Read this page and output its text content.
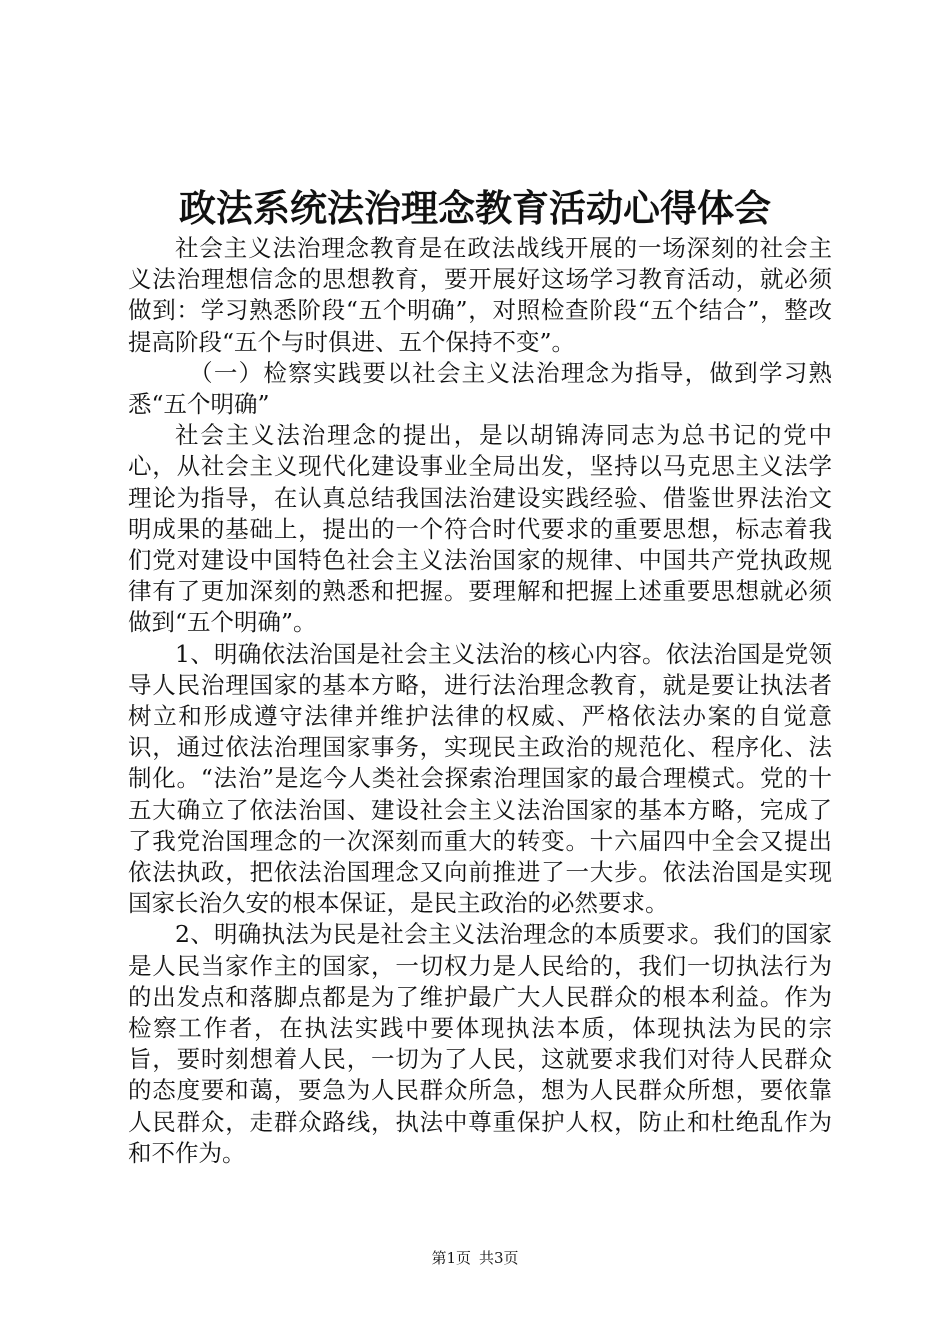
政法系统法治理念教育活动心得体会

社会主义法治理念教育是在政法战线开展的一场深刻的社会主义法治理想信念的思想教育，要开展好这场学习教育活动，就必须做到：学习熟悉阶段“五个明确”，对照检查阶段“五个结合”，整改提高阶段“五个与时俱进、五个保持不变”。

（一）检察实践要以社会主义法治理念为指导，做到学习熟悉“五个明确”

社会主义法治理念的提出，是以胡锦涛同志为总书记的党中心，从社会主义现代化建设事业全局出发，坚持以马克思主义法学理论为指导，在认真总结我国法治建设实践经验、借鉴世界法治文明成果的基础上，提出的一个符合时代要求的重要思想，标志着我们党对建设中国特色社会主义法治国家的规律、中国共产党执政规律有了更加深刻的熟悉和把握。要理解和把握上述重要思想就必须做到“五个明确”。

1、明确依法治国是社会主义法治的核心内容。依法治国是党领导人民治理国家的基本方略，进行法治理念教育，就是要让执法者树立和形成遵守法律并维护法律的权威、严格依法办案的自觉意识，通过依法治理国家事务，实现民主政治的规范化、程序化、法制化。“法治”是迄今人类社会探索治理国家的最合理模式。党的十五大确立了依法治国、建设社会主义法治国家的基本方略，完成了了我党治国理念的一次深刻而重大的转变。十六届四中全会又提出依法执政，把依法治国理念又向前推进了一大步。依法治国是实现国家长治久安的根本保证，是民主政治的必然要求。

2、明确执法为民是社会主义法治理念的本质要求。我们的国家是人民当家作主的国家，一切权力是人民给的，我们一切执法行为的出发点和落脚点都是为了维护最广大人民群众的根本利益。作为检察工作者，在执法实践中要体现执法本质，体现执法为民的宗旨，要时刻想着人民，一切为了人民，这就要求我们对待人民群众的态度要和蔼，要急为人民群众所急，想为人民群众所想，要依靠人民群众，走群众路线，执法中尊重保护人权，防止和杜绝乱作为和不作为。

第1页 共3页
